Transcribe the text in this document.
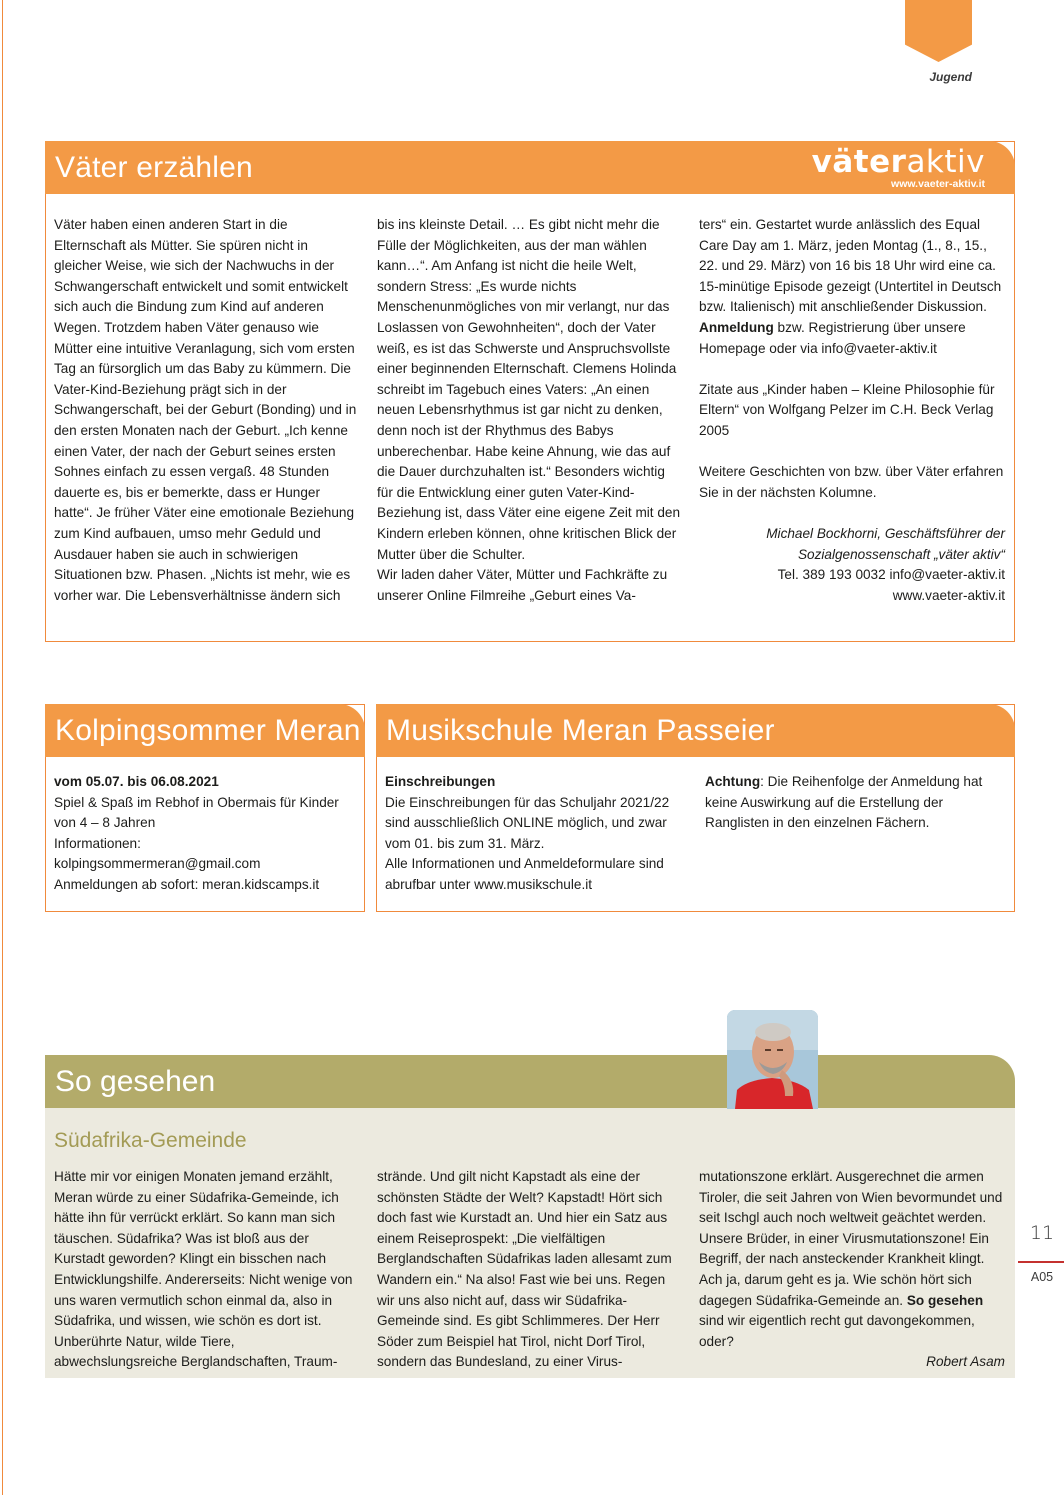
Jugend
Väter erzählen	väteraktiv
www.vaeter-aktiv.it

Väter haben einen anderen Start in die Elternschaft als Mütter. Sie spüren nicht in gleicher Weise, wie sich der Nachwuchs in der Schwangerschaft entwickelt und somit entwickelt sich auch die Bindung zum Kind auf anderen Wegen. Trotzdem haben Väter genauso wie Mütter eine intuitive Veranlagung, sich vom ersten Tag an fürsorglich um das Baby zu kümmern. Die Vater-Kind-Beziehung prägt sich in der Schwangerschaft, bei der Geburt (Bonding) und in den ersten Monaten nach der Geburt. „Ich kenne einen Vater, der nach der Geburt seines ersten Sohnes einfach zu essen vergaß. 48 Stunden dauerte es, bis er bemerkte, dass er Hunger hatte“. Je früher Väter eine emotionale Beziehung zum Kind aufbauen, umso mehr Geduld und Ausdauer haben sie auch in schwierigen Situationen bzw. Phasen. „Nichts ist mehr, wie es vorher war. Die Lebensverhältnisse ändern sich

bis ins kleinste Detail. … Es gibt nicht mehr die Fülle der Möglichkeiten, aus der man wählen kann…“. Am Anfang ist nicht die heile Welt, sondern Stress: „Es wurde nichts Menschenunmögliches von mir verlangt, nur das Loslassen von Gewohnheiten“, doch der Vater weiß, es ist das Schwerste und Anspruchsvollste einer beginnenden Elternschaft. Clemens Holinda schreibt im Tagebuch eines Vaters: „An einen neuen Lebensrhythmus ist gar nicht zu denken, denn noch ist der Rhythmus des Babys unberechenbar. Habe keine Ahnung, wie das auf die Dauer durchzuhalten ist.“ Besonders wichtig für die Entwicklung einer guten Vater-Kind-Beziehung ist, dass Väter eine eigene Zeit mit den Kindern erleben können, ohne kritischen Blick der Mutter über die Schulter.

Wir laden daher Väter, Mütter und Fachkräfte zu unserer Online Filmreihe „Geburt eines Va-

ters“ ein. Gestartet wurde anlässlich des Equal Care Day am 1. März, jeden Montag (1., 8., 15., 22. und 29. März) von 16 bis 18 Uhr wird eine ca. 15-minütige Episode gezeigt (Untertitel in Deutsch bzw. Italienisch) mit anschließender Diskussion.

Anmeldung bzw. Registrierung über unsere Homepage oder via info@vaeter-aktiv.it

Zitate aus „Kinder haben – Kleine Philosophie für Eltern“ von Wolfgang Pelzer im C.H. Beck Verlag 2005

Weitere Geschichten von bzw. über Väter erfahren Sie in der nächsten Kolumne.

Michael Bockhorni, Geschäftsführer der

Sozialgenossenschaft „väter aktiv“

Tel. 389 193 0032 info@vaeter-aktiv.it

www.vaeter-aktiv.it

Kolpingsommer Meran

vom 05.07. bis 06.08.2021

Spiel & Spaß im Rebhof in Obermais für Kinder von 4 – 8 Jahren

Informationen:

kolpingsommermeran@gmail.com

Anmeldungen ab sofort: meran.kidscamps.it

Musikschule Meran Passeier

Einschreibungen

Die Einschreibungen für das Schuljahr 2021/22 sind ausschließlich ONLINE möglich, und zwar vom 01. bis zum 31. März.

Alle Informationen und Anmeldeformulare sind abrufbar unter www.musikschule.it

Achtung: Die Reihenfolge der Anmeldung hat keine Auswirkung auf die Erstellung der Ranglisten in den einzelnen Fächern.

So gesehen
Südafrika-Gemeinde

Hätte mir vor einigen Monaten jemand erzählt, Meran würde zu einer Südafrika-Gemeinde, ich hätte ihn für verrückt erklärt. So kann man sich täuschen. Südafrika? Was ist bloß aus der Kurstadt geworden? Klingt ein bisschen nach Entwicklungshilfe. Andererseits: Nicht wenige von uns waren vermutlich schon einmal da, also in Südafrika, und wissen, wie schön es dort ist. Unberührte Natur, wilde Tiere, abwechslungsreiche Berglandschaften, Traum-

strände. Und gilt nicht Kapstadt als eine der schönsten Städte der Welt? Kapstadt! Hört sich doch fast wie Kurstadt an. Und hier ein Satz aus einem Reiseprospekt: „Die vielfältigen Berglandschaften Südafrikas laden allesamt zum Wandern ein.“ Na also! Fast wie bei uns. Regen wir uns also nicht auf, dass wir Südafrika-Gemeinde sind. Es gibt Schlimmeres. Der Herr Söder zum Beispiel hat Tirol, nicht Dorf Tirol, sondern das Bundesland, zu einer Virus-

mutationszone erklärt. Ausgerechnet die armen Tiroler, die seit Jahren von Wien bevormundet und seit Ischgl auch noch weltweit geächtet werden. Unsere Brüder, in einer Virusmutationszone! Ein Begriff, der nach ansteckender Krankheit klingt. Ach ja, darum geht es ja. Wie schön hört sich dagegen Südafrika-Gemeinde an. So gesehen sind wir eigentlich recht gut davongekommen, oder?

Robert Asam

11
A05
